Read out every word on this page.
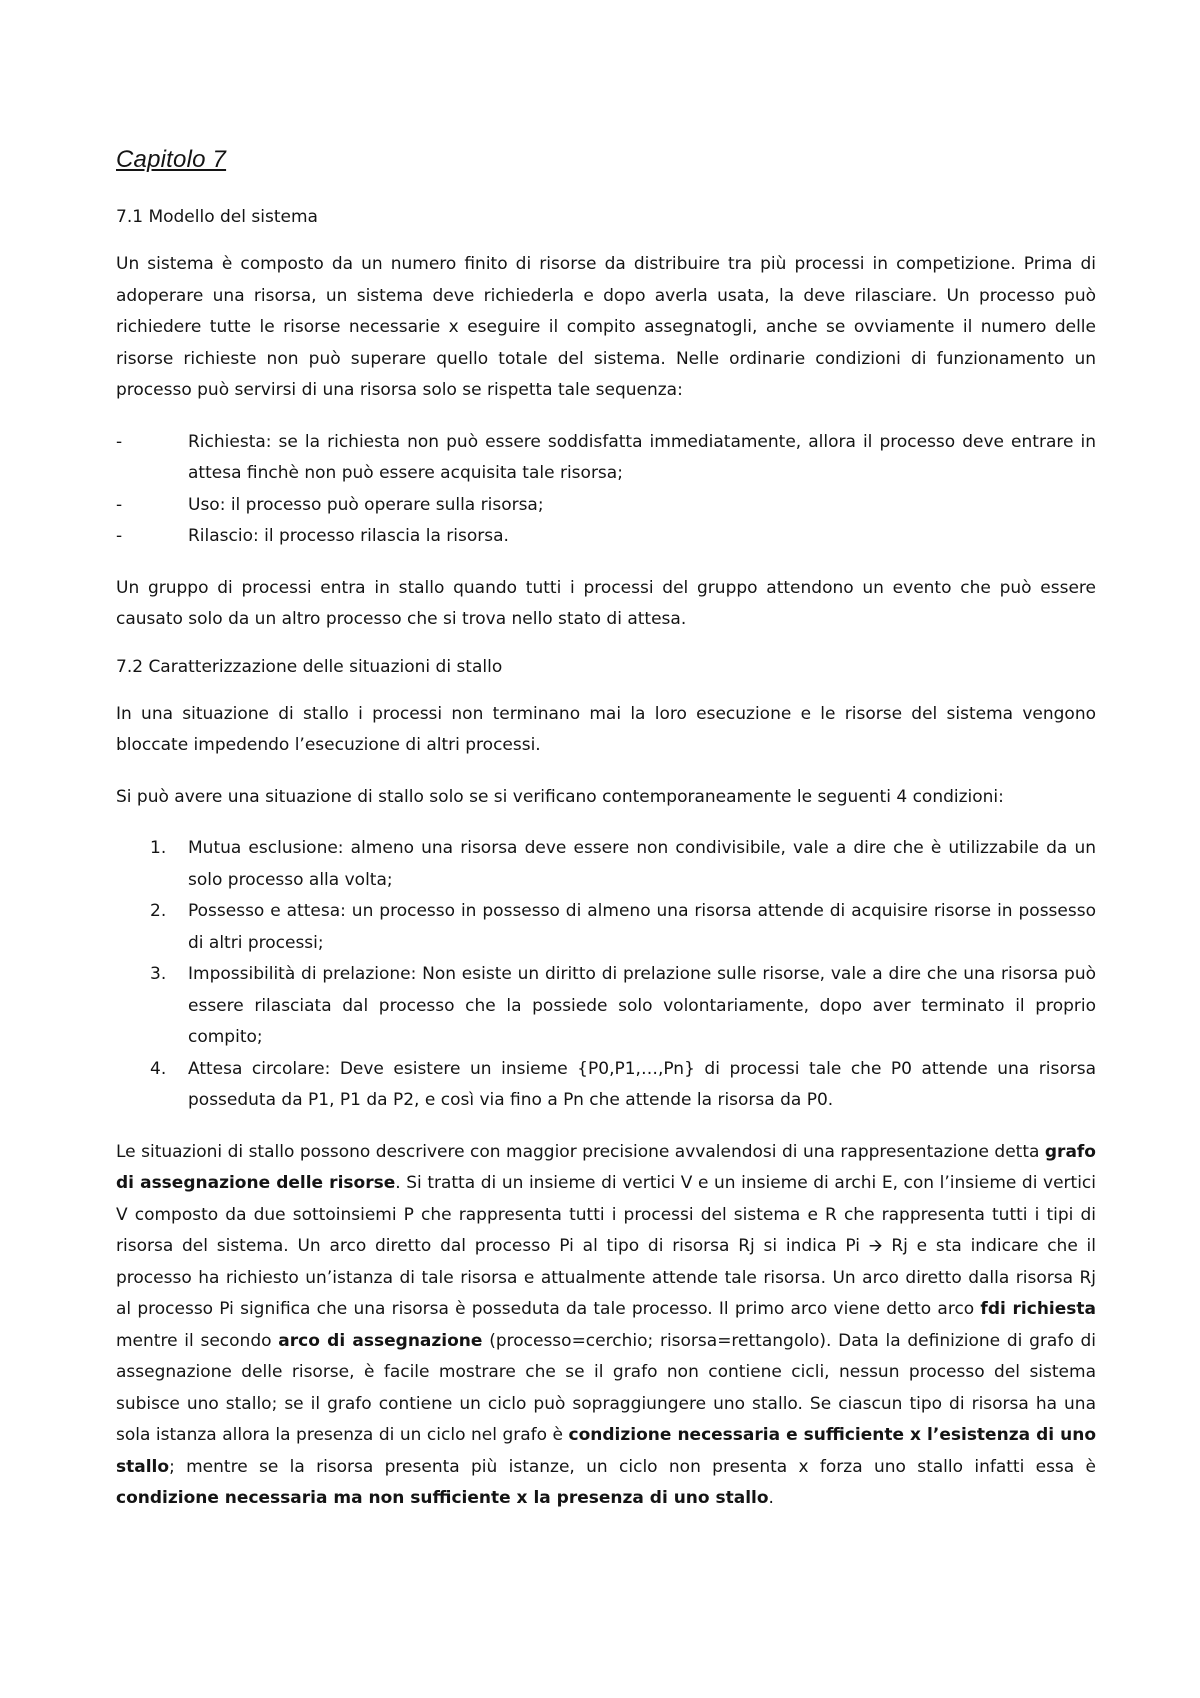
Capitolo 7
7.1 Modello del sistema

Un sistema è composto da un numero finito di risorse da distribuire tra più processi in competizione. Prima di adoperare una risorsa, un sistema deve richiederla e dopo averla usata, la deve rilasciare. Un processo può richiedere tutte le risorse necessarie x eseguire il compito assegnatogli, anche se ovviamente il numero delle risorse richieste non può superare quello totale del sistema. Nelle ordinarie condizioni di funzionamento un processo può servirsi di una risorsa solo se rispetta tale sequenza:

-	Richiesta: se la richiesta non può essere soddisfatta immediatamente, allora il processo deve entrare in attesa finchè non può essere acquisita tale risorsa;
-	Uso: il processo può operare sulla risorsa;
-	Rilascio: il processo rilascia la risorsa.

Un gruppo di processi entra in stallo quando tutti i processi del gruppo attendono un evento che può essere causato solo da un altro processo che si trova nello stato di attesa.

7.2 Caratterizzazione delle situazioni di stallo

In una situazione di stallo i processi non terminano mai la loro esecuzione e le risorse del sistema vengono bloccate impedendo l’esecuzione di altri processi.

Si può avere una situazione di stallo solo se si verificano contemporaneamente le seguenti 4 condizioni:

1.	Mutua esclusione: almeno una risorsa deve essere non condivisibile, vale a dire che è utilizzabile da un solo processo alla volta;
2.	Possesso e attesa: un processo in possesso di almeno una risorsa attende di acquisire risorse in possesso di altri processi;
3.	Impossibilità di prelazione: Non esiste un diritto di prelazione sulle risorse, vale a dire che una risorsa può essere rilasciata dal processo che la possiede solo volontariamente, dopo aver terminato il proprio compito;
4.	Attesa circolare: Deve esistere un insieme {P0,P1,…,Pn} di processi tale che P0 attende una risorsa posseduta da P1, P1 da P2, e così via fino a Pn che attende la risorsa da P0.

Le situazioni di stallo possono descrivere con maggior precisione avvalendosi di una rappresentazione detta grafo di assegnazione delle risorse. Si tratta di un insieme di vertici V e un insieme di archi E, con l’insieme di vertici V composto da due sottoinsiemi P che rappresenta tutti i processi del sistema e R che rappresenta tutti i tipi di risorsa del sistema. Un arco diretto dal processo Pi al tipo di risorsa Rj si indica Pi 🡪 Rj e sta indicare che il processo ha richiesto un’istanza di tale risorsa e attualmente attende tale risorsa. Un arco diretto dalla risorsa Rj al processo Pi significa che una risorsa è posseduta da tale processo. Il primo arco viene detto arco fdi richiesta mentre il secondo arco di assegnazione (processo=cerchio; risorsa=rettangolo). Data la definizione di grafo di assegnazione delle risorse, è facile mostrare che se il grafo non contiene cicli, nessun processo del sistema subisce uno stallo; se il grafo contiene un ciclo può sopraggiungere uno stallo. Se ciascun tipo di risorsa ha una sola istanza allora la presenza di un ciclo nel grafo è condizione necessaria e sufficiente x l’esistenza di uno stallo; mentre se la risorsa presenta più istanze, un ciclo non presenta x forza uno stallo infatti essa è condizione necessaria ma non sufficiente x la presenza di uno stallo.
